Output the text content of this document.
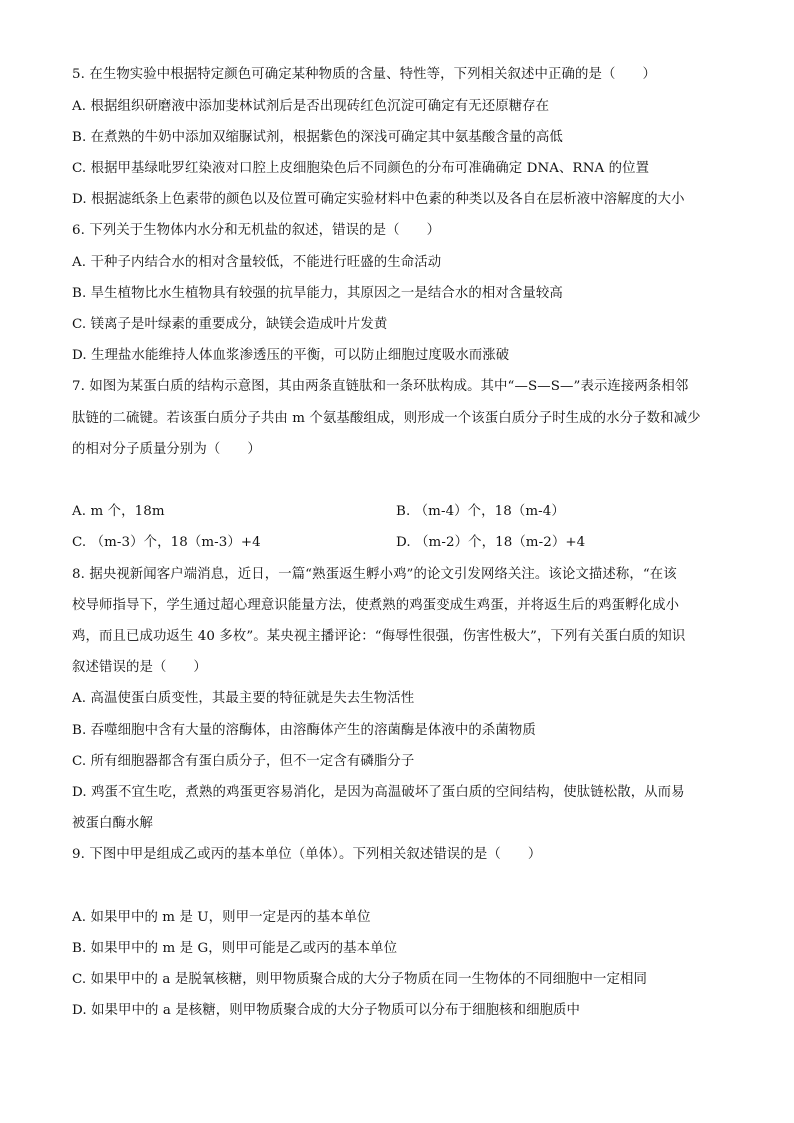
5. 在生物实验中根据特定颜色可确定某种物质的含量、特性等，下列相关叙述中正确的是（　　）
A. 根据组织研磨液中添加斐林试剂后是否出现砖红色沉淀可确定有无还原糖存在
B. 在煮熟的牛奶中添加双缩脲试剂，根据紫色的深浅可确定其中氨基酸含量的高低
C. 根据甲基绿吡罗红染液对口腔上皮细胞染色后不同颜色的分布可准确确定 DNA、RNA 的位置
D. 根据滤纸条上色素带的颜色以及位置可确定实验材料中色素的种类以及各自在层析液中溶解度的大小
6. 下列关于生物体内水分和无机盐的叙述，错误的是（　　）
A. 干种子内结合水的相对含量较低，不能进行旺盛的生命活动
B. 旱生植物比水生植物具有较强的抗旱能力，其原因之一是结合水的相对含量较高
C. 镁离子是叶绿素的重要成分，缺镁会造成叶片发黄
D. 生理盐水能维持人体血浆渗透压的平衡，可以防止细胞过度吸水而涨破
7. 如图为某蛋白质的结构示意图，其由两条直链肽和一条环肽构成。其中“—S—S—”表示连接两条相邻
肽链的二硫键。若该蛋白质分子共由 m 个氨基酸组成，则形成一个该蛋白质分子时生成的水分子数和减少
的相对分子质量分别为（　　）
A. m 个，18m	B. （m-4）个，18（m-4）
C. （m-3）个，18（m-3）+4	D. （m-2）个，18（m-2）+4
8. 据央视新闻客户端消息，近日，一篇“熟蛋返生孵小鸡”的论文引发网络关注。该论文描述称，“在该
校导师指导下，学生通过超心理意识能量方法，使煮熟的鸡蛋变成生鸡蛋，并将返生后的鸡蛋孵化成小
鸡，而且已成功返生 40 多枚”。某央视主播评论：“侮辱性很强，伤害性极大”，下列有关蛋白质的知识
叙述错误的是（　　）
A. 高温使蛋白质变性，其最主要的特征就是失去生物活性
B. 吞噬细胞中含有大量的溶酶体，由溶酶体产生的溶菌酶是体液中的杀菌物质
C. 所有细胞器都含有蛋白质分子，但不一定含有磷脂分子
D. 鸡蛋不宜生吃，煮熟的鸡蛋更容易消化，是因为高温破坏了蛋白质的空间结构，使肽链松散，从而易
被蛋白酶水解
9. 下图中甲是组成乙或丙的基本单位（单体）。下列相关叙述错误的是（　　）
A. 如果甲中的 m 是 U，则甲一定是丙的基本单位
B. 如果甲中的 m 是 G，则甲可能是乙或丙的基本单位
C. 如果甲中的 a 是脱氧核糖，则甲物质聚合成的大分子物质在同一生物体的不同细胞中一定相同
D. 如果甲中的 a 是核糖，则甲物质聚合成的大分子物质可以分布于细胞核和细胞质中
